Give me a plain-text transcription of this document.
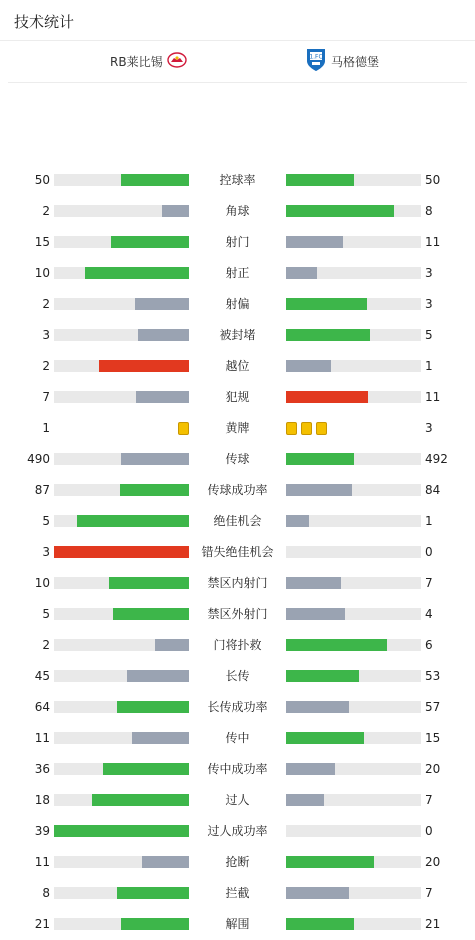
技术统计
RB莱比锡	1.FC 马格德堡
50	控球率	50
2	角球	8
15	射门	11
10	射正	3
2	射偏	3
3	被封堵	5
2	越位	1
7	犯规	11
1	黄牌	3
490	传球	492
87	传球成功率	84
5	绝佳机会	1
3	错失绝佳机会	0
10	禁区内射门	7
5	禁区外射门	4
2	门将扑救	6
45	长传	53
64	长传成功率	57
11	传中	15
36	传中成功率	20
18	过人	7
39	过人成功率	0
11	抢断	20
8	拦截	7
21	解围	21
